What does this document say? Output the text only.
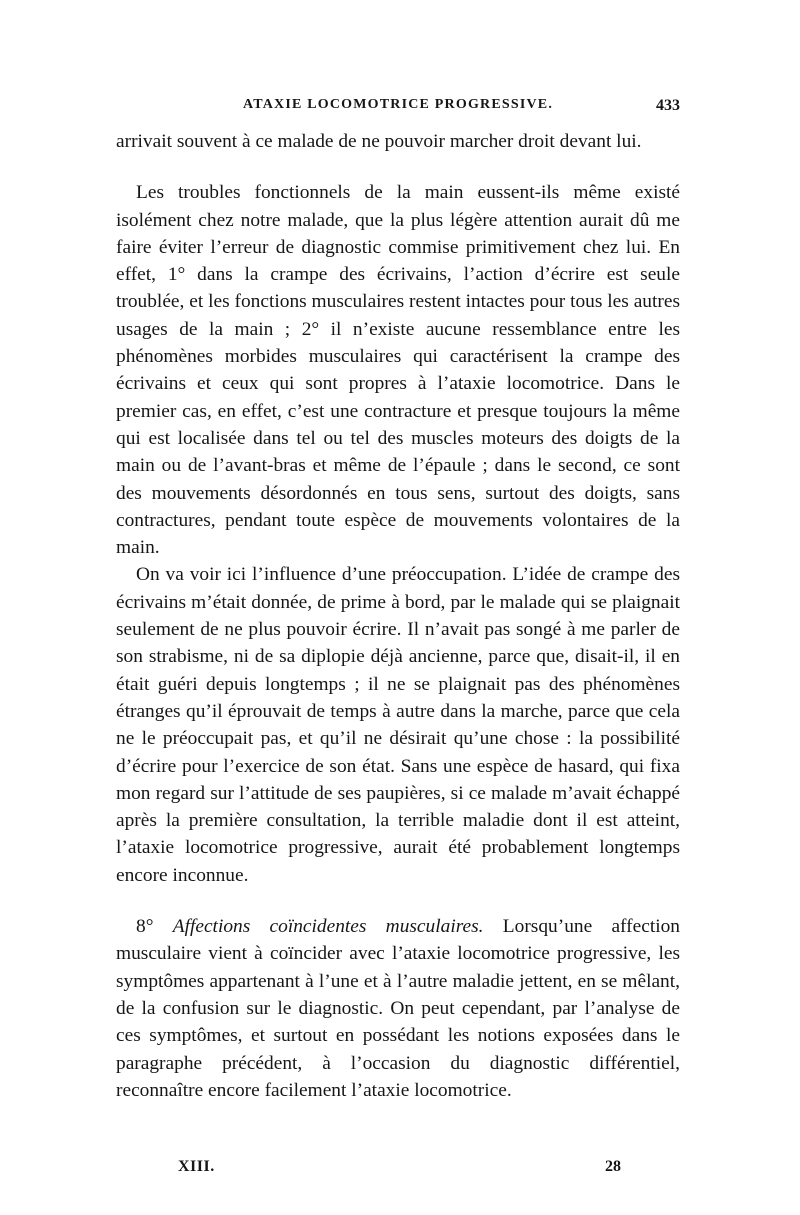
ATAXIE LOCOMOTRICE PROGRESSIVE.	433

arrivait souvent à ce malade de ne pouvoir marcher droit devant lui.

Les troubles fonctionnels de la main eussent-ils même existé isolément chez notre malade, que la plus légère attention aurait dû me faire éviter l’erreur de diagnostic commise primitivement chez lui. En effet, 1° dans la crampe des écrivains, l’action d’écrire est seule troublée, et les fonctions musculaires restent intactes pour tous les autres usages de la main ; 2° il n’existe aucune ressemblance entre les phénomènes morbides musculaires qui caractérisent la crampe des écrivains et ceux qui sont propres à l’ataxie locomotrice. Dans le premier cas, en effet, c’est une contracture et presque toujours la même qui est localisée dans tel ou tel des muscles moteurs des doigts de la main ou de l’avant-bras et même de l’épaule ; dans le second, ce sont des mouvements désordonnés en tous sens, surtout des doigts, sans contractures, pendant toute espèce de mouvements volontaires de la main.

On va voir ici l’influence d’une préoccupation. L’idée de crampe des écrivains m’était donnée, de prime à bord, par le malade qui se plaignait seulement de ne plus pouvoir écrire. Il n’avait pas songé à me parler de son strabisme, ni de sa diplopie déjà ancienne, parce que, disait-il, il en était guéri depuis longtemps ; il ne se plaignait pas des phénomènes étranges qu’il éprouvait de temps à autre dans la marche, parce que cela ne le préoccupait pas, et qu’il ne désirait qu’une chose : la possibilité d’écrire pour l’exercice de son état. Sans une espèce de hasard, qui fixa mon regard sur l’attitude de ses paupières, si ce malade m’avait échappé après la première consultation, la terrible maladie dont il est atteint, l’ataxie locomotrice progressive, aurait été probablement longtemps encore inconnue.

8° Affections coïncidentes musculaires. Lorsqu’une affection musculaire vient à coïncider avec l’ataxie locomotrice progressive, les symptômes appartenant à l’une et à l’autre maladie jettent, en se mêlant, de la confusion sur le diagnostic. On peut cependant, par l’analyse de ces symptômes, et surtout en possédant les notions exposées dans le paragraphe précédent, à l’occasion du diagnostic différentiel, reconnaître encore facilement l’ataxie locomotrice.

XIII.	28
